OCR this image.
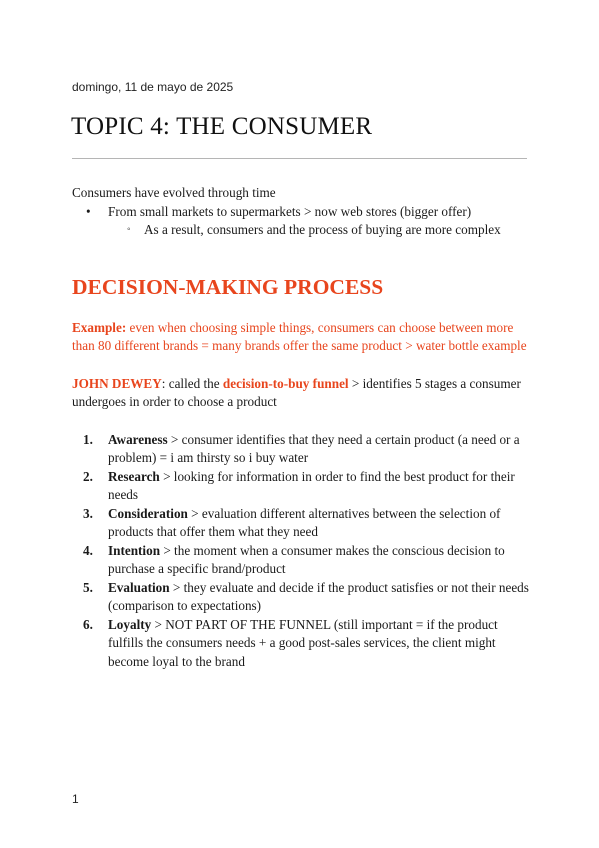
domingo, 11 de mayo de 2025
TOPIC 4: THE CONSUMER

Consumers have evolved through time

• From small markets to supermarkets > now web stores (bigger offer)

◦ As a result, consumers and the process of buying are more complex

DECISION-MAKING PROCESS

Example: even when choosing simple things, consumers can choose between more than 80 different brands = many brands offer the same product > water bottle example

JOHN DEWEY: called the decision-to-buy funnel > identifies 5 stages a consumer undergoes in order to choose a product

1. Awareness > consumer identifies that they need a certain product (a need or a problem) = i am thirsty so i buy water
2. Research > looking for information in order to find the best product for their needs
3. Consideration > evaluation different alternatives between the selection of products that offer them what they need
4. Intention > the moment when a consumer makes the conscious decision to purchase a specific brand/product
5. Evaluation > they evaluate and decide if the product satisfies or not their needs (comparison to expectations)
6. Loyalty > NOT PART OF THE FUNNEL (still important = if the product fulfills the consumers needs + a good post-sales services, the client might become loyal to the brand
1
